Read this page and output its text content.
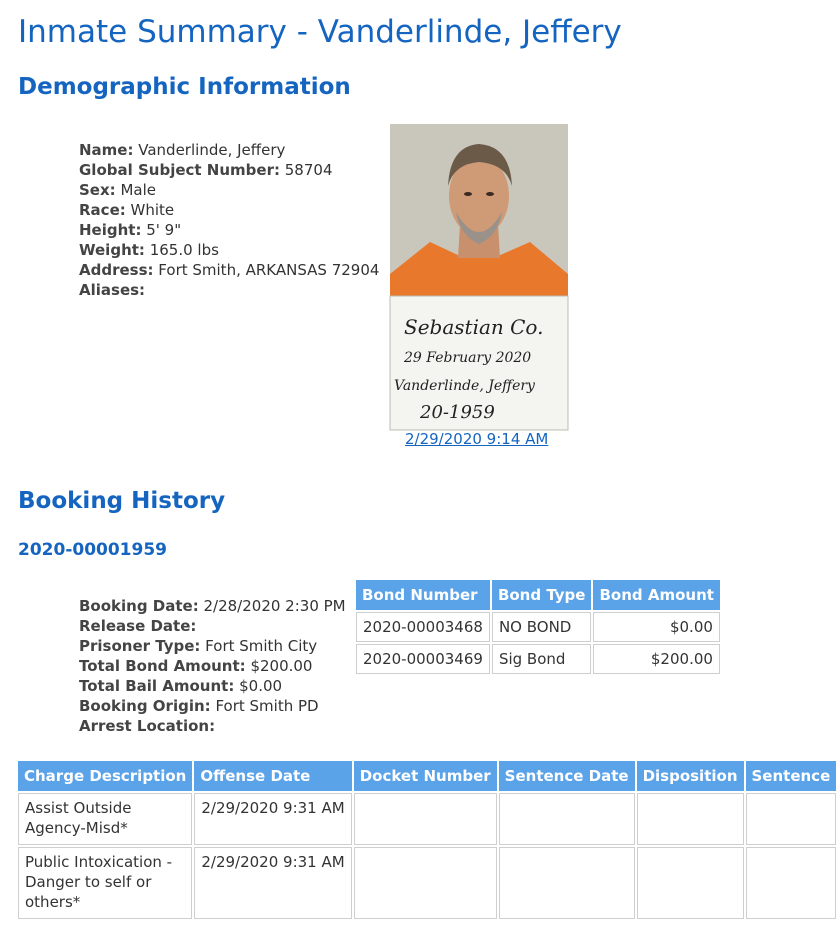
Inmate Summary - Vanderlinde, Jeffery
Demographic Information
Name: Vanderlinde, Jeffery
Global Subject Number: 58704
Sex: Male
Race: White
Height: 5' 9"
Weight: 165.0 lbs
Address: Fort Smith, ARKANSAS 72904
Aliases:
Sebastian Co.
29 February 2020
Vanderlinde, Jeffery
20-1959
2/29/2020 9:14 AM
Booking History
2020-00001959
Booking Date: 2/28/2020 2:30 PM
Release Date:
Prisoner Type: Fort Smith City
Total Bond Amount: $200.00
Total Bail Amount: $0.00
Booking Origin: Fort Smith PD
Arrest Location:
Bond Number	Bond Type	Bond Amount
2020-00003468	NO BOND	$0.00
2020-00003469	Sig Bond	$200.00
Charge Description	Offense Date	Docket Number	Sentence Date	Disposition	Sentence
Assist Outside Agency-Misd*	2/29/2020 9:31 AM				
Public Intoxication - Danger to self or others*	2/29/2020 9:31 AM				
